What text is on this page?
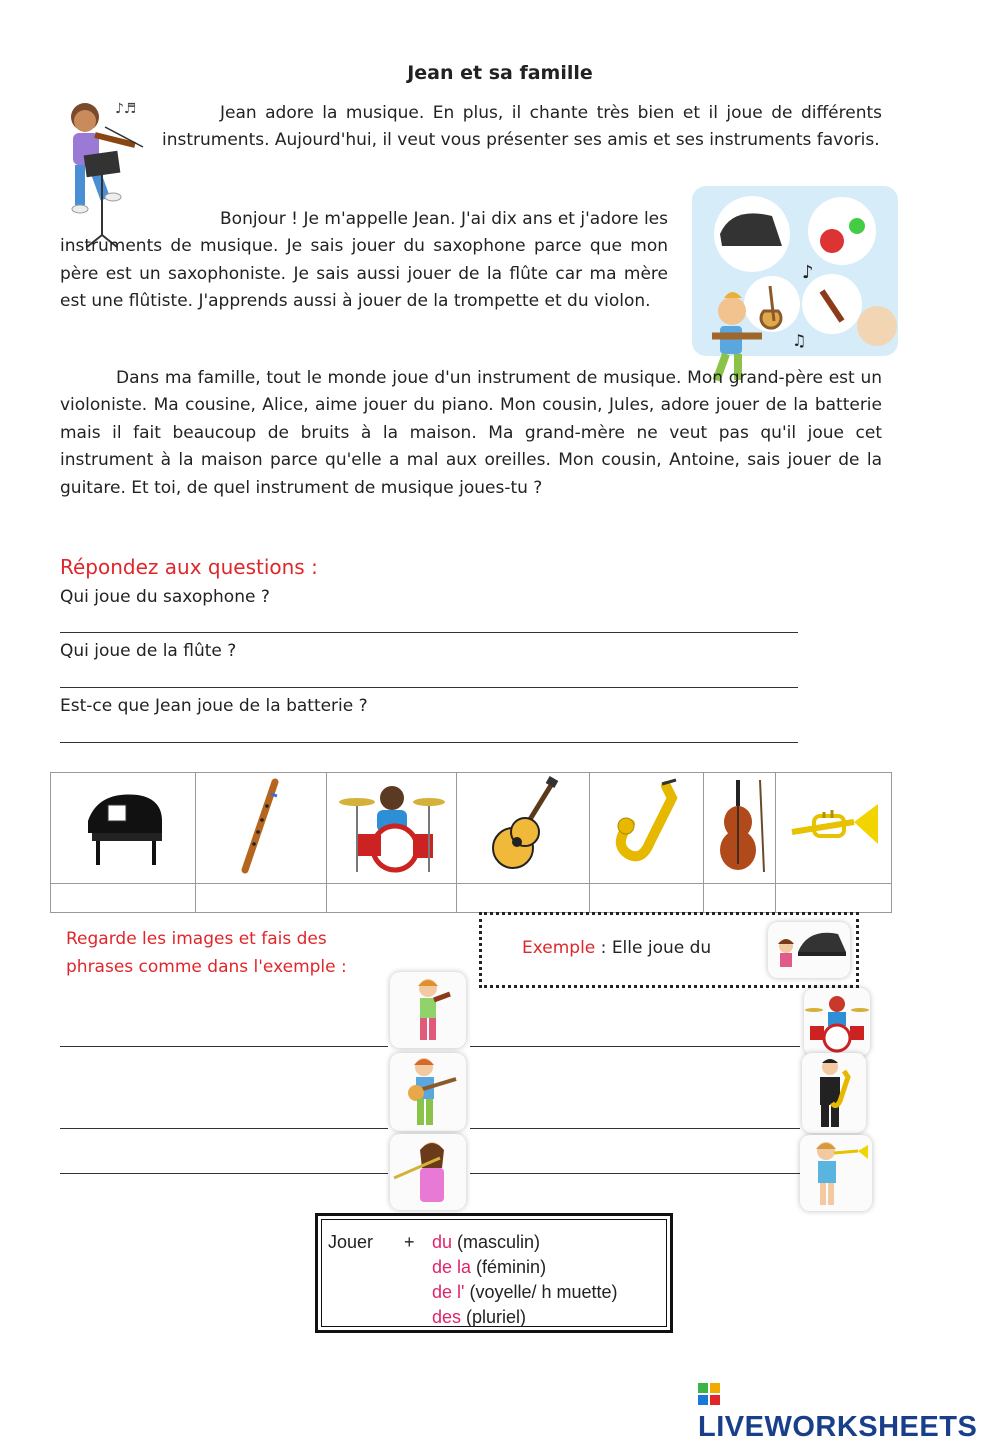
Jean et sa famille
♪♬	Jean adore la musique. En plus, il chante très bien et il joue de différents instruments. Aujourd'hui, il veut vous présenter ses amis et ses instruments favoris.

Bonjour ! Je m'appelle Jean. J'ai dix ans et j'adore les instruments de musique. Je sais jouer du saxophone parce que mon père est un saxophoniste. Je sais aussi jouer de la flûte car ma mère est une flûtiste. J'apprends aussi à jouer de la trompette et du violon.

♪
♫

Dans ma famille, tout le monde joue d'un instrument de musique. Mon grand-père est un violoniste. Ma cousine, Alice, aime jouer du piano. Mon cousin, Jules, adore jouer de la batterie mais il fait beaucoup de bruits à la maison. Ma grand-mère ne veut pas qu'il joue cet instrument à la maison parce qu'elle a mal aux oreilles. Mon cousin, Antoine, sais jouer de la guitare. Et toi, de quel instrument de musique joues-tu ?

Répondez aux questions :
Qui joue du saxophone ?
Qui joue de la flûte ?
Est-ce que Jean joue de la batterie ?

Regarde les images et fais des
phrases comme dans l'exemple :
Exemple : Elle joue du
Jouer + du (masculin)
de la (féminin)
de l' (voyelle/ h muette)
des (pluriel)
LIVEWORKSHEETS
